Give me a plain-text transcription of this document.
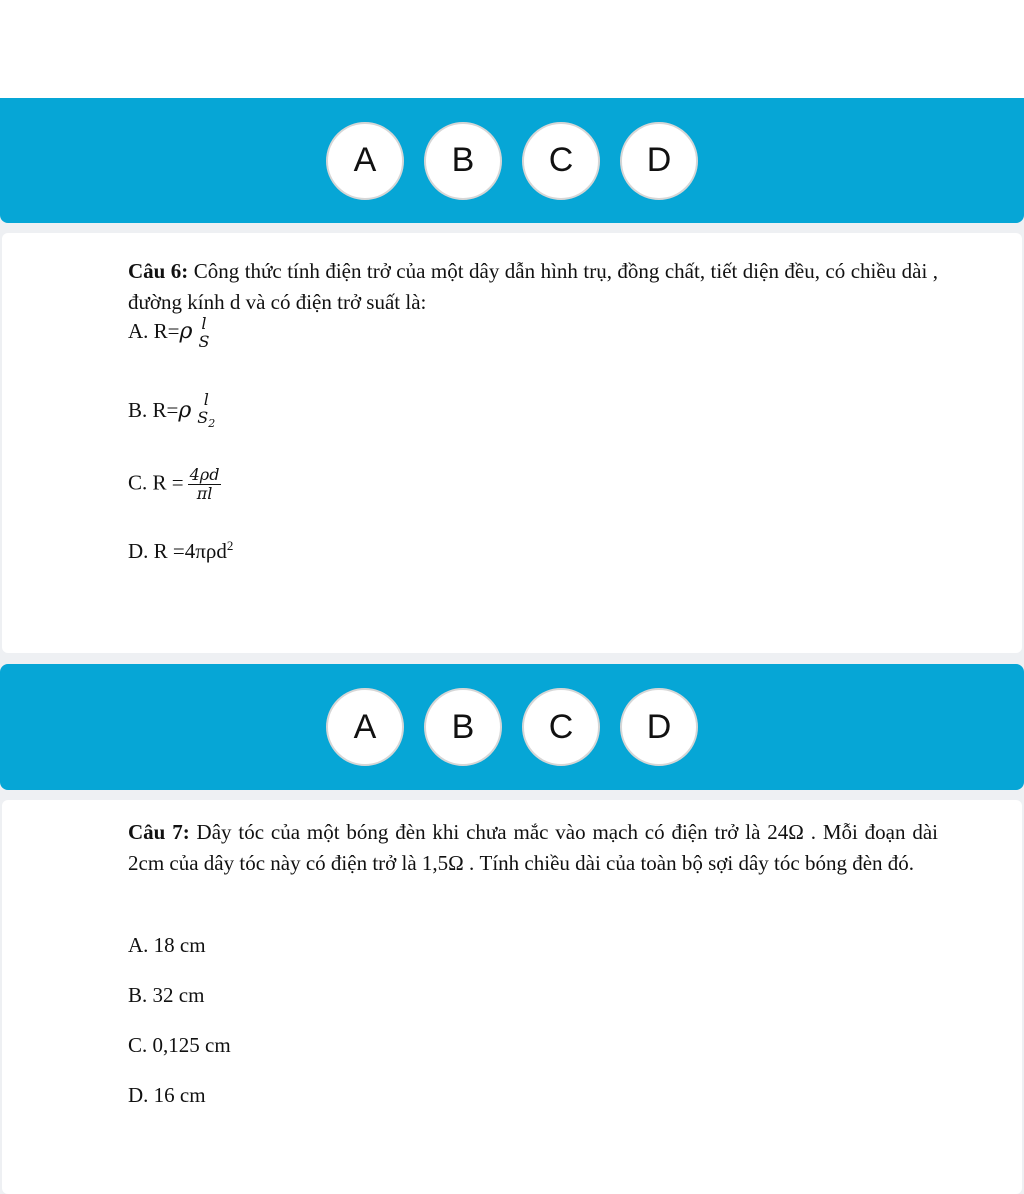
A	B	C	D
Câu 6: Công thức tính điện trở của một dây dẫn hình trụ, đồng chất, tiết diện đều, có chiều dài , đường kính d và có điện trở suất là:
A. R=ρ l
S
B. R=ρ l
$S_2$
C. $R = \frac{4\rho d}{\pi l}$
D. R =4πρd$^2$
A	B	C	D
Câu 7: Dây tóc của một bóng đèn khi chưa mắc vào mạch có điện trở là 24Ω . Mỗi đoạn dài 2cm của dây tóc này có điện trở là 1,5Ω . Tính chiều dài của toàn bộ sợi dây tóc bóng đèn đó.
A. 18 cm
B. 32 cm
C. 0,125 cm
D. 16 cm
